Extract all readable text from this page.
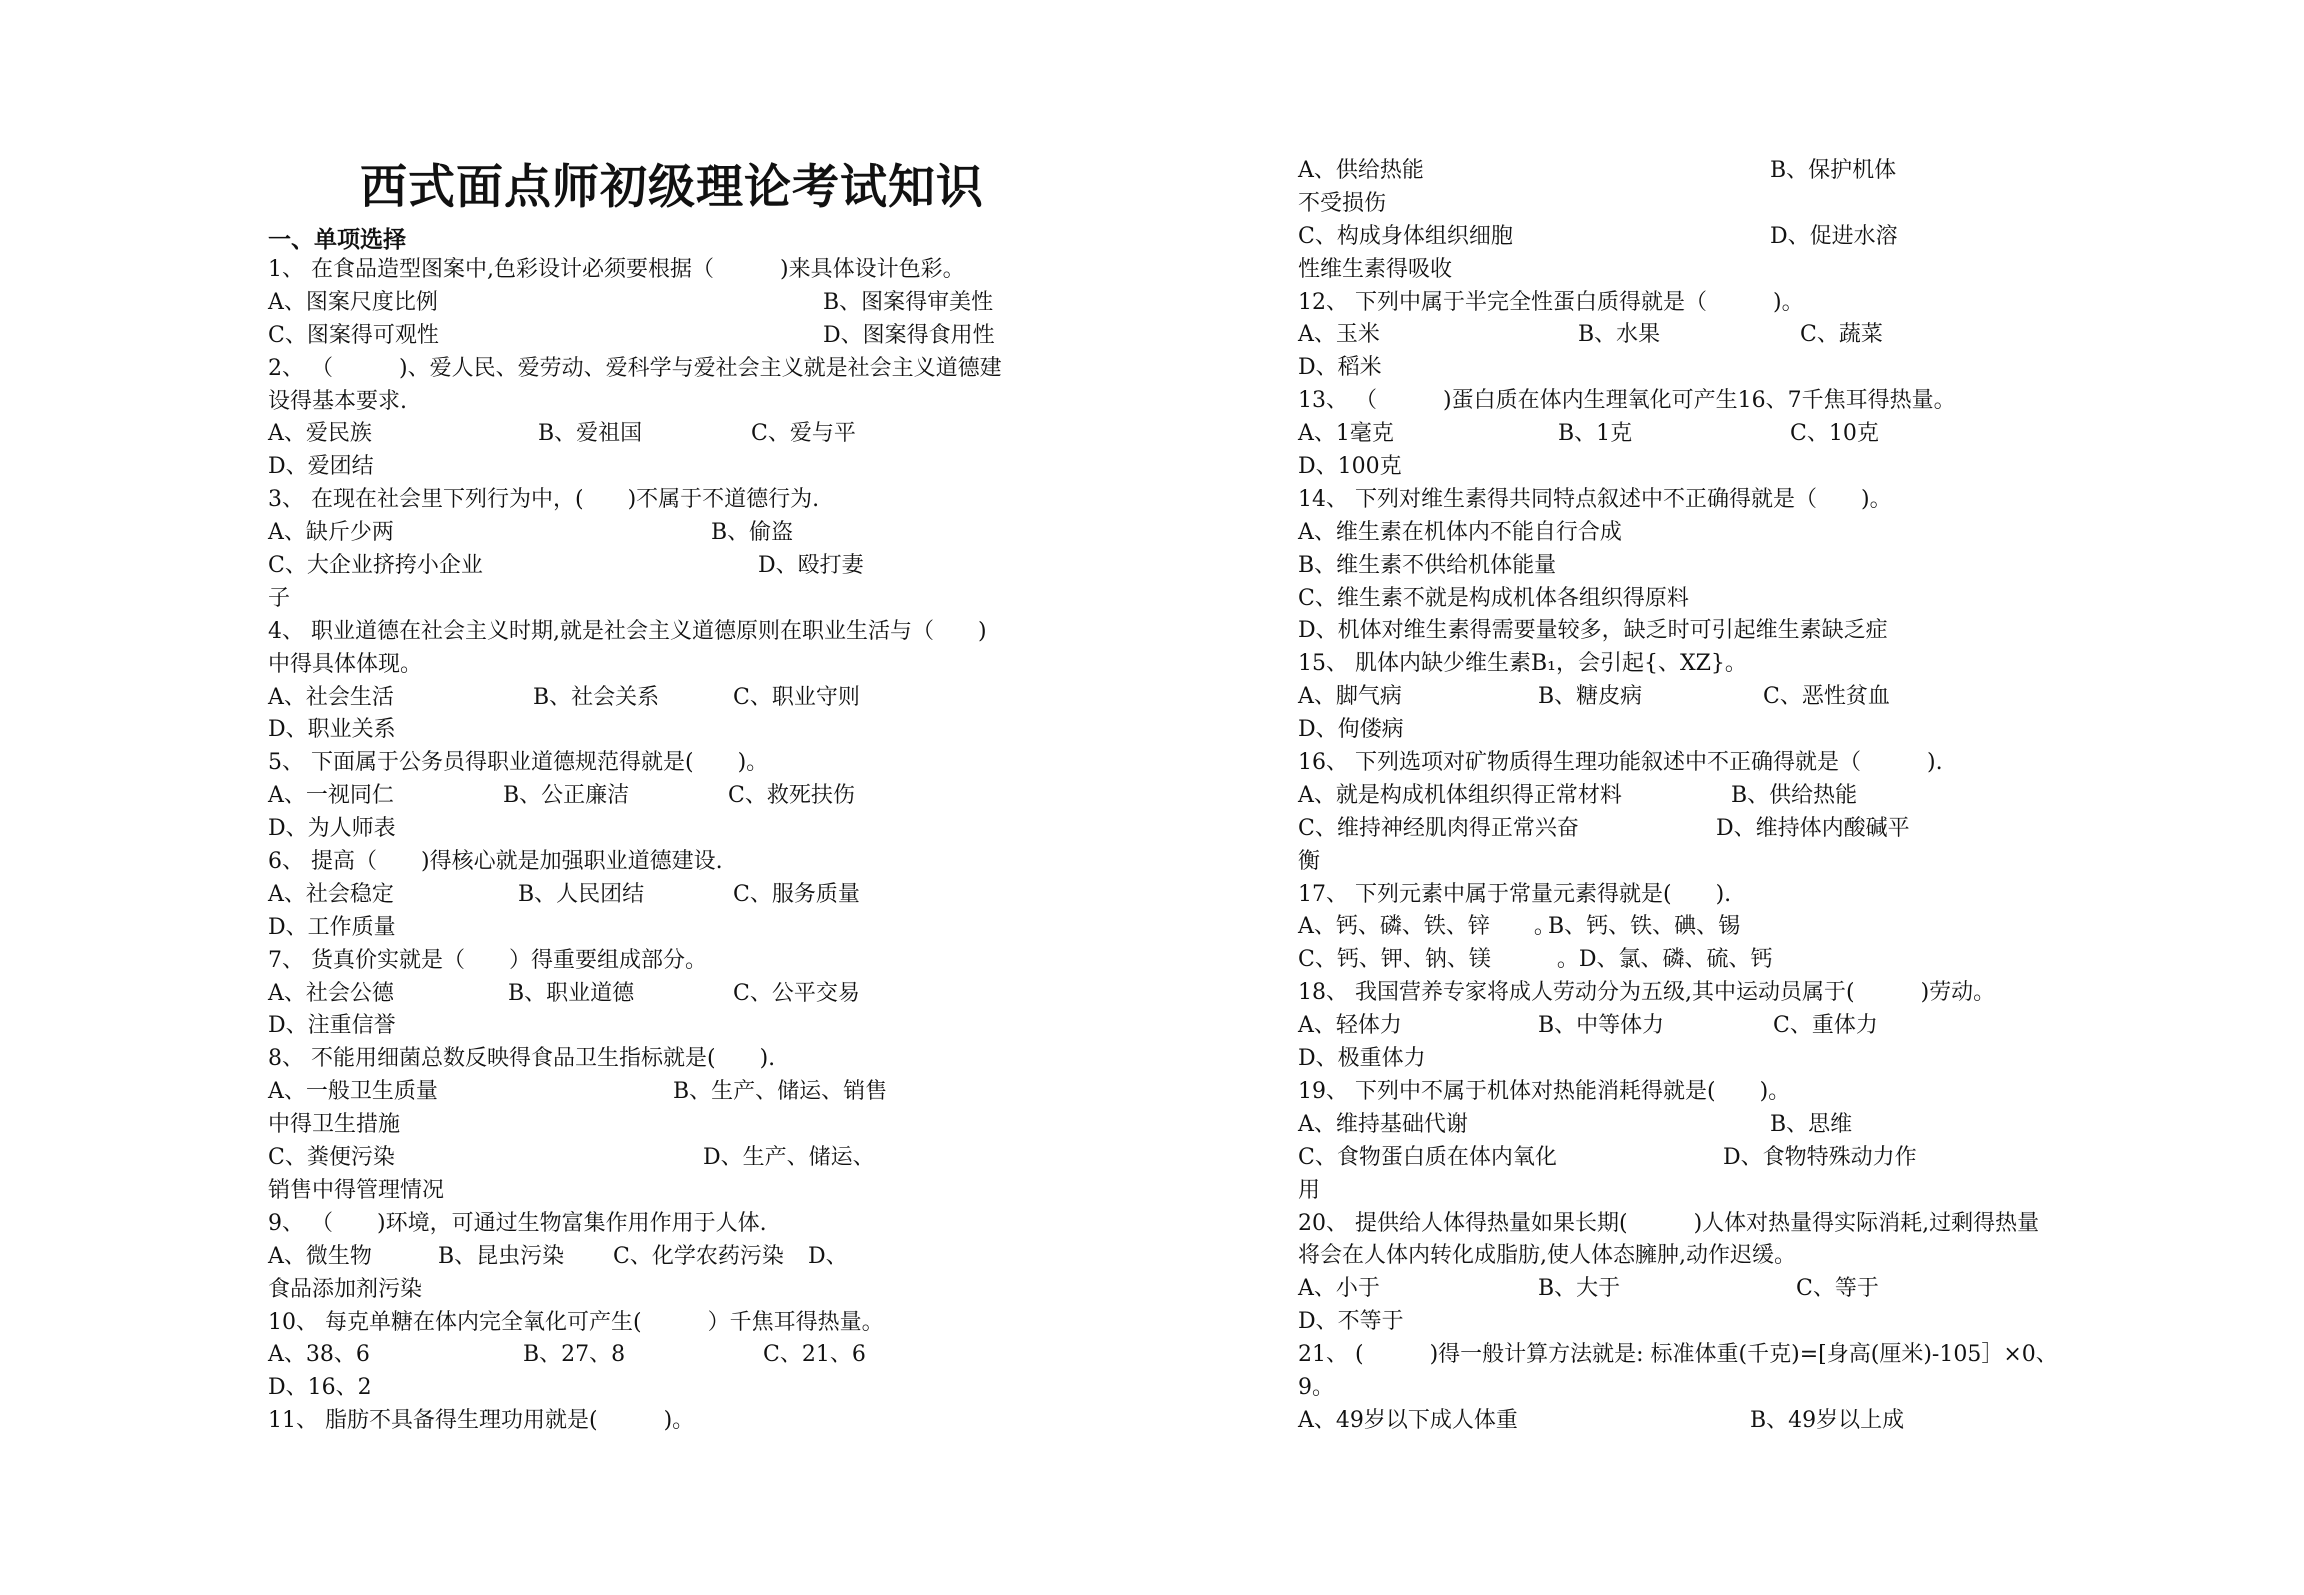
西式面点师初级理论考试知识
一、单项选择
1、 在食品造型图案中,色彩设计必须要根据（　　　)来具体设计色彩。
A、图案尺度比例	B、图案得审美性
C、图案得可观性	D、图案得食用性
2、 （　　　)、爱人民、爱劳动、爱科学与爱社会主义就是社会主义道德建
设得基本要求.
A、爱民族	B、爱祖国	C、爱与平
D、爱团结
3、 在现在社会里下列行为中，(　　)不属于不道德行为.
A、缺斤少两	B、偷盗
C、大企业挤挎小企业	D、殴打妻
子
4、 职业道德在社会主义时期,就是社会主义道德原则在职业生活与（　　)
中得具体体现。
A、社会生活	B、社会关系	C、职业守则
D、职业关系
5、 下面属于公务员得职业道德规范得就是(　　)。
A、一视同仁	B、公正廉洁	C、救死扶伤
D、为人师表
6、 提高（　　)得核心就是加强职业道德建设.
A、社会稳定	B、人民团结	C、服务质量
D、工作质量
7、 货真价实就是（　　）得重要组成部分。
A、社会公德	B、职业道德	C、公平交易
D、注重信誉
8、 不能用细菌总数反映得食品卫生指标就是(　　).
A、一般卫生质量	B、生产、储运、销售
中得卫生措施
C、粪便污染	D、生产、储运、
销售中得管理情况
9、 （　　)环境，可通过生物富集作用作用于人体.
A、微生物	B、昆虫污染 C、化学农药污染 D、
食品添加剂污染
10、 每克单糖在体内完全氧化可产生(　　　）千焦耳得热量。
A、38、6	B、27、8	C、21、6
D、16、2
11、 脂肪不具备得生理功用就是(　　　)。
A、供给热能	B、保护机体
不受损伤
C、构成身体组织细胞	D、促进水溶
性维生素得吸收
12、 下列中属于半完全性蛋白质得就是（　　　)。
A、玉米	B、水果	C、蔬菜
D、稻米
13、 （　　　)蛋白质在体内生理氧化可产生16、7千焦耳得热量。
A、1毫克	B、1克	C、10克
D、100克
14、 下列对维生素得共同特点叙述中不正确得就是（　　)。
A、维生素在机体内不能自行合成
B、维生素不供给机体能量
C、维生素不就是构成机体各组织得原料
D、机体对维生素得需要量较多，缺乏时可引起维生素缺乏症
15、 肌体内缺少维生素B₁，会引起{、XZ}。
A、脚气病	B、糖皮病	C、恶性贫血
D、佝偻病
16、 下列选项对矿物质得生理功能叙述中不正确得就是（　　　).
A、就是构成机体组织得正常材料	B、供给热能
C、维持神经肌肉得正常兴奋	D、维持体内酸碱平
衡
17、 下列元素中属于常量元素得就是(　　).
A、钙、磷、铁、锌　　。
B、钙、铁、碘、锡
C、钙、钾、钠、镁　　　。D、氯、磷、硫、钙
18、 我国营养专家将成人劳动分为五级,其中运动员属于(　　　)劳动。
A、轻体力	B、中等体力	C、重体力
D、极重体力
19、 下列中不属于机体对热能消耗得就是(　　)。
A、维持基础代谢	B、思维
C、食物蛋白质在体内氧化	D、食物特殊动力作
用
20、 提供给人体得热量如果长期(　　　)人体对热量得实际消耗,过剩得热量
将会在人体内转化成脂肪,使人体态臃肿,动作迟缓。
A、小于	B、大于	C、等于
D、不等于
21、 (　　　)得一般计算方法就是: 标准体重(千克)=[身高(厘米)-105］×0、
9。
A、49岁以下成人体重	B、49岁以上成
